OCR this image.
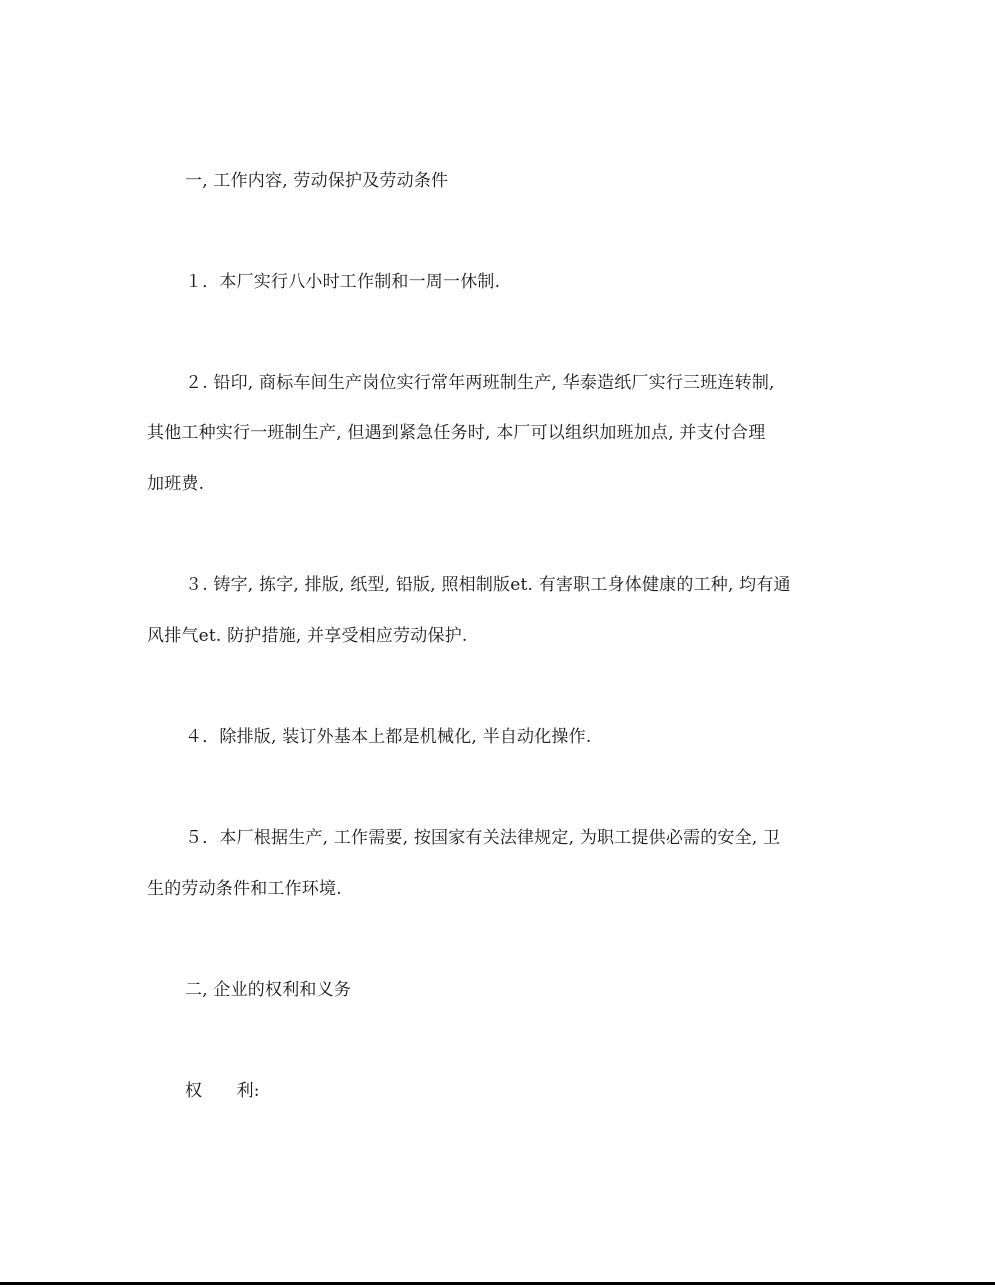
一, 工作内容, 劳动保护及劳动条件
１．本厂实行八小时工作制和一周一休制.
２. 铅印, 商标车间生产岗位实行常年两班制生产, 华泰造纸厂实行三班连转制,
其他工种实行一班制生产, 但遇到紧急任务时, 本厂可以组织加班加点, 并支付合理
加班费.
３. 铸字, 拣字, 排版, 纸型, 铅版, 照相制版et. 有害职工身体健康的工种, 均有通
风排气et. 防护措施, 并享受相应劳动保护.
４．除排版, 装订外基本上都是机械化, 半自动化操作.
５．本厂根据生产, 工作需要, 按国家有关法律规定, 为职工提供必需的安全, 卫
生的劳动条件和工作环境.
二, 企业的权利和义务
权　　利:
